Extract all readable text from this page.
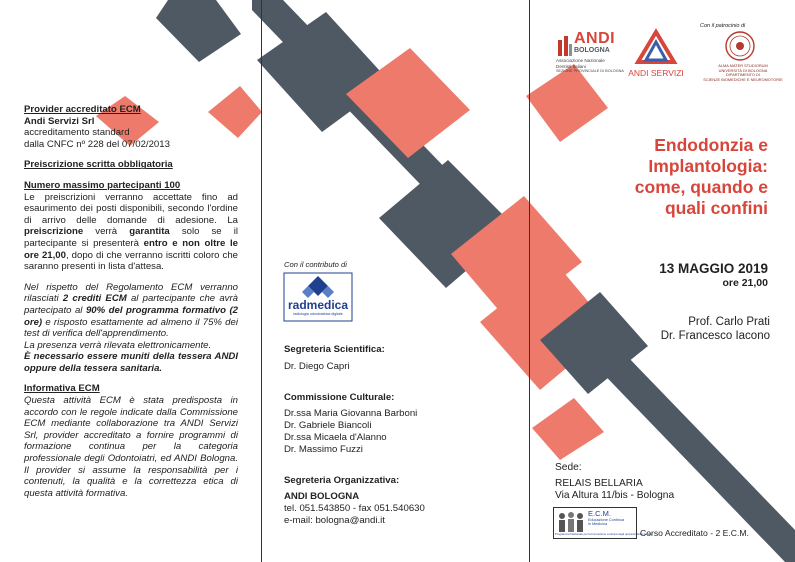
Provider accreditato ECM

Andi Servizi Srl

accreditamento standard

dalla CNFC nº 228 del 07/02/2013

Preiscrizione scritta obbligatoria

Numero massimo partecipanti 100

Le preiscrizioni verranno accettate fino ad esaurimento dei posti disponibili, secondo l'ordine di arrivo delle domande di adesione. La preiscrizione verrà garantita solo se il partecipante si presenterà entro e non oltre le ore 21,00, dopo di che verranno iscritti coloro che saranno presenti in lista d'attesa.

Nel rispetto del Regolamento ECM verranno rilasciati 2 crediti ECM al partecipante che avrà partecipato al 90% del programma formativo (2 ore) e risposto esattamente ad almeno il 75% dei test di verifica dell'apprendimento.

La presenza verrà rilevata elettronicamente.

È necessario essere muniti della tessera ANDI oppure della tessera sanitaria.

Informativa ECM

Questa attività ECM è stata predisposta in accordo con le regole indicate dalla Commissione ECM mediante collaborazione tra ANDI Servizi Srl, provider accreditato a fornire programmi di formazione continua per la categoria professionale degli Odontoiatri, ed ANDI Bologna. Il provider si assume la responsabilità per i contenuti, la qualità e la correttezza etica di questa attività formativa.

Con il contributo di
radmedica
radiologia odontoiatrica digitale

Segreteria Scientifica:

Dr. Diego Capri

Commissione Culturale:

Dr.ssa Maria Giovanna Barboni

Dr. Gabriele Biancoli

Dr.ssa Micaela d'Alanno

Dr. Massimo Fuzzi

Segreteria Organizzativa:

ANDI BOLOGNA

tel. 051.543850 - fax 051.540630

e-mail: bologna@andi.it

ANDI
BOLOGNA
Associazione Nazionale
Dentisti Italiani
SEZIONE PROVINCIALE DI BOLOGNA ANDI SERVIZI
Con il patrocinio di
ALMA MATER STUDIORUM
UNIVERSITÀ DI BOLOGNA
DIPARTIMENTO DI
SCIENZE BIOMEDICHE E NEUROMOTORIE
Endodonzia e
Implantologia:
come, quando e
quali confini
13 MAGGIO 2019
ore 21,00
Prof. Carlo Prati
Dr. Francesco Iacono
Sede:
RELAIS BELLARIA
Via Altura 11/bis - Bologna
E.C.M.
Educazione Continua
in Medicina
Programma Nazionale per la Formazione continua degli operatori della Sanità
Corso Accreditato - 2 E.C.M.
